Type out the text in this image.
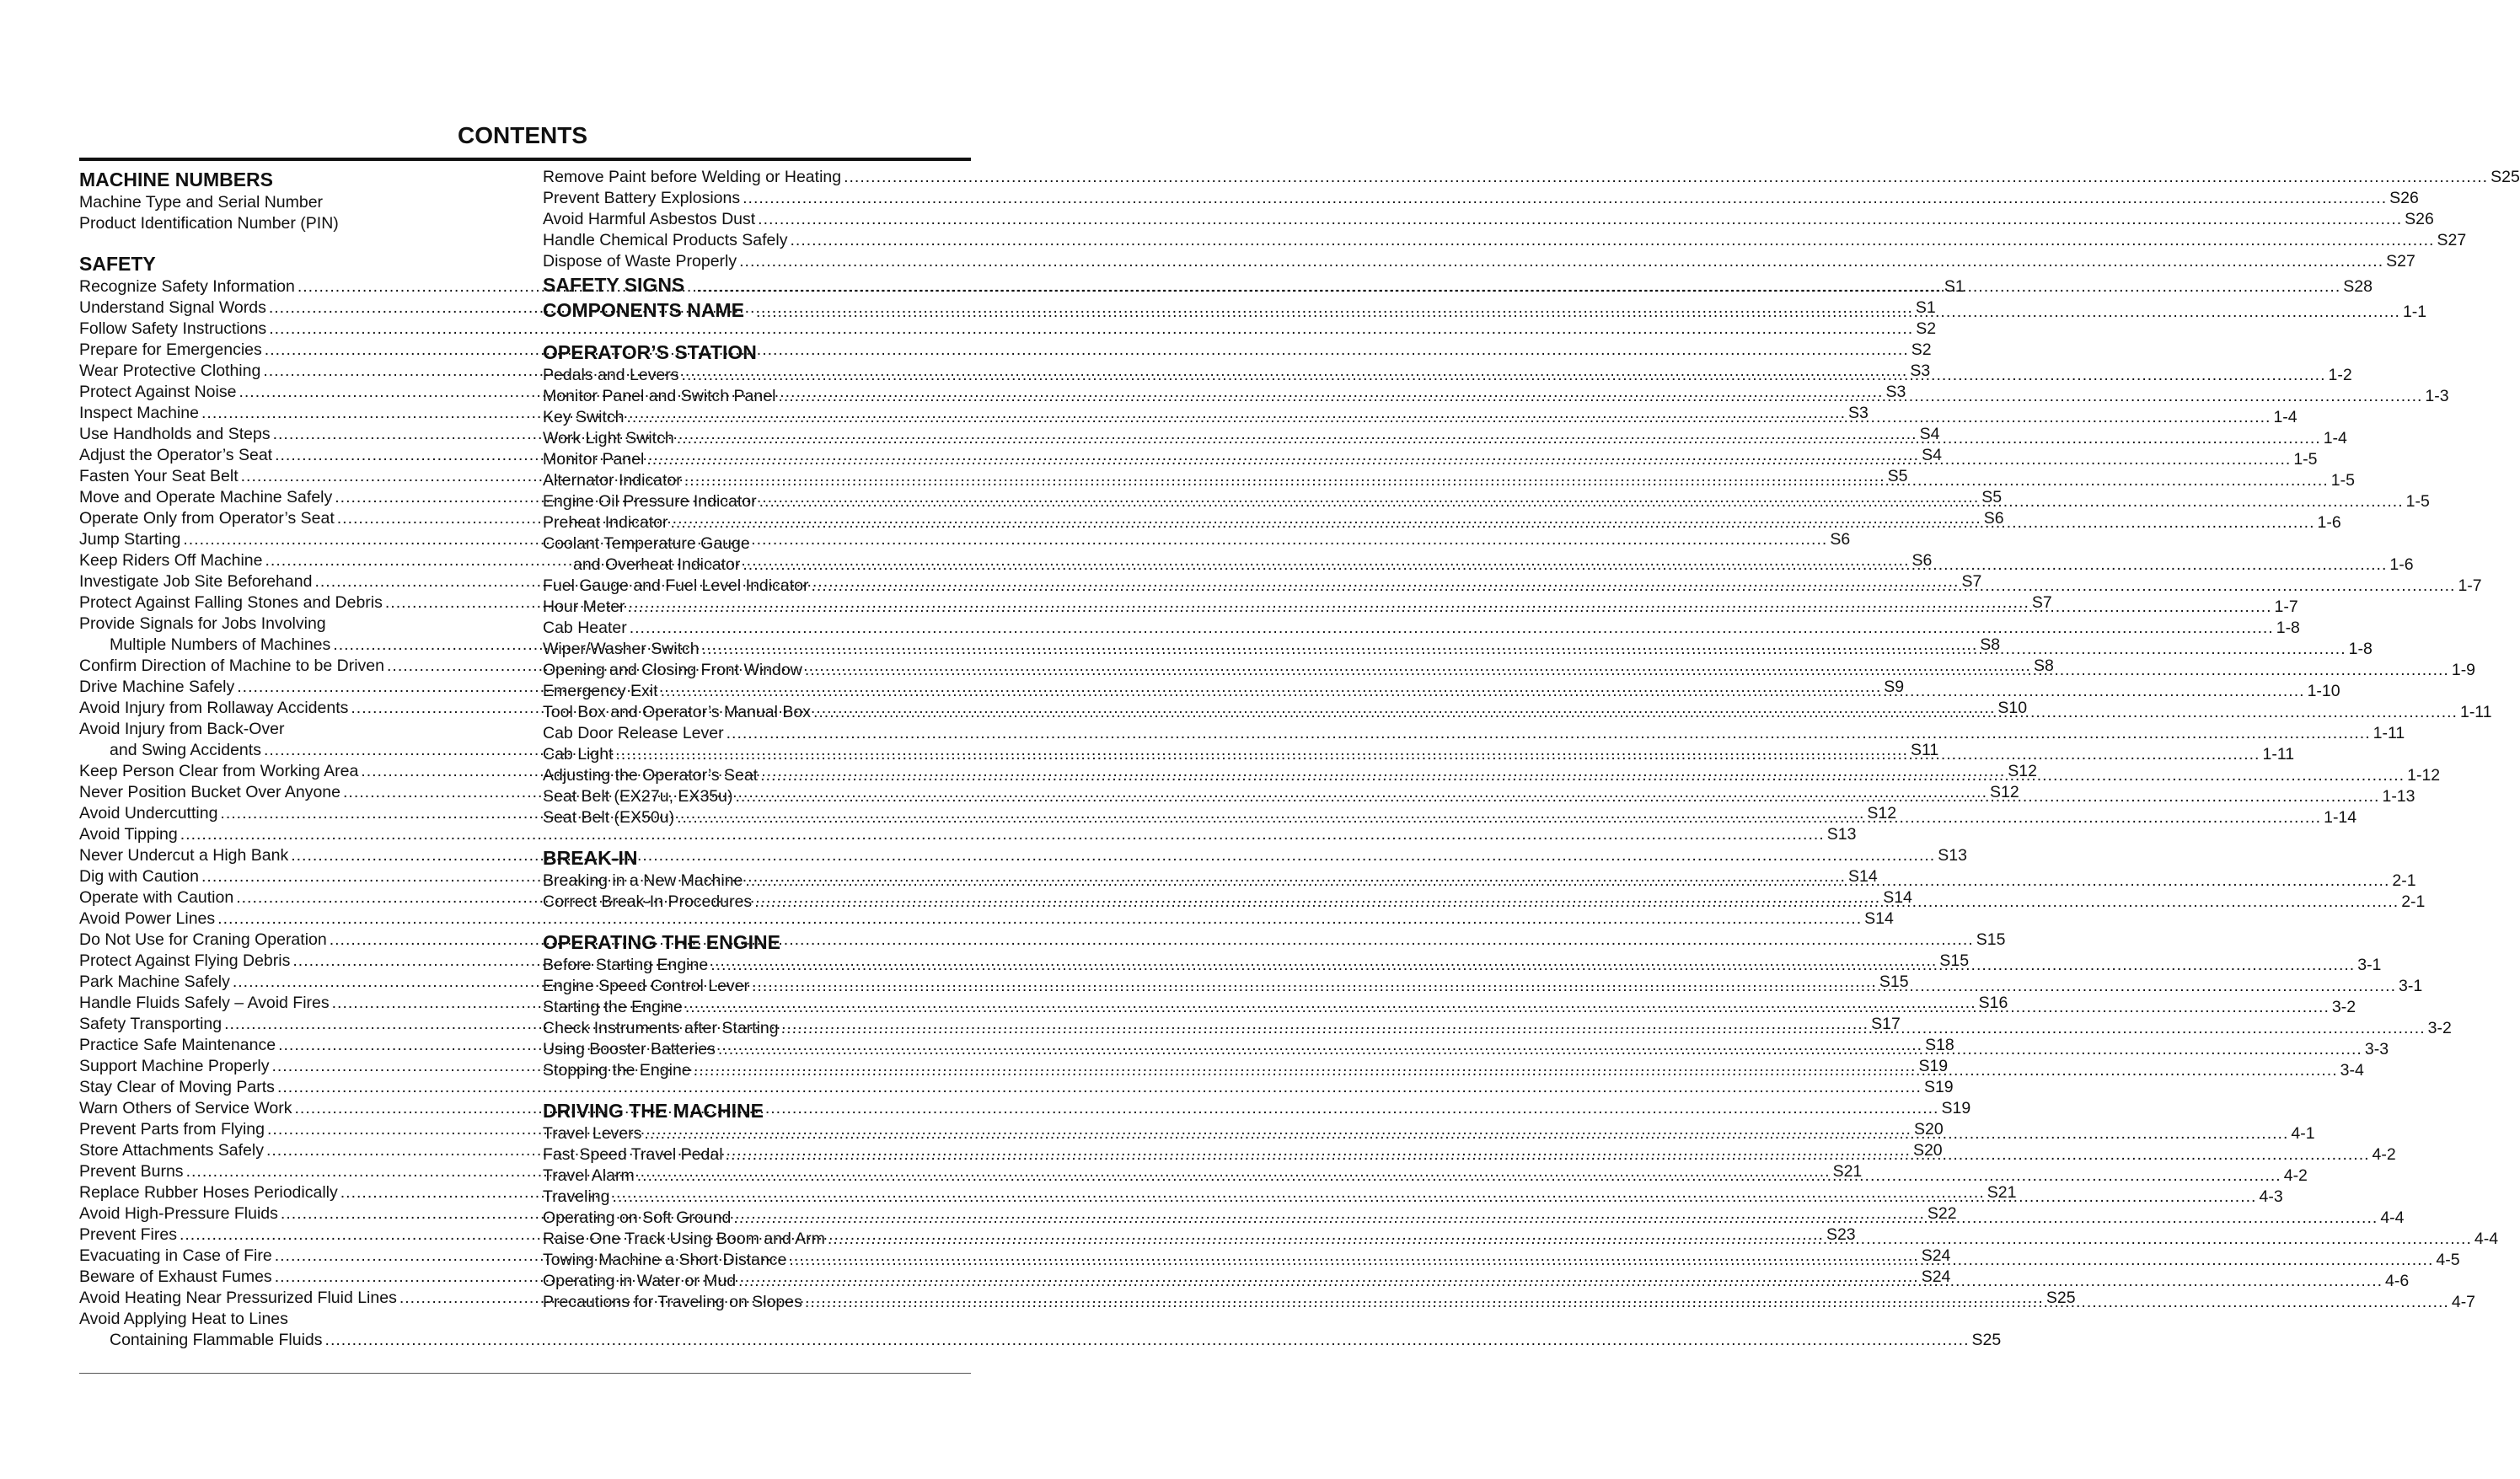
CONTENTS
MACHINE NUMBERS
Machine Type and Serial Number
Product Identification Number (PIN)
SAFETY
Recognize Safety Information .....	S1
Understand Signal Words .....	S1
Follow Safety Instructions .....	S2
Prepare for Emergencies .....	S2
Wear Protective Clothing .....	S3
Protect Against Noise .....	S3
Inspect Machine .....	S3
Use Handholds and Steps .....	S4
Adjust the Operator’s Seat .....	S4
Fasten Your Seat Belt .....	S5
Move and Operate Machine Safely .....	S5
Operate Only from Operator’s Seat .....	S6
Jump Starting .....	S6
Keep Riders Off Machine .....	S6
Investigate Job Site Beforehand .....	S7
Protect Against Falling Stones and Debris .....	S7
Provide Signals for Jobs Involving
Multiple Numbers of Machines .....	S8
Confirm Direction of Machine to be Driven .....	S8
Drive Machine Safely .....	S9
Avoid Injury from Rollaway Accidents .....	S10
Avoid Injury from Back-Over
and Swing Accidents .....	S11
Keep Person Clear from Working Area .....	S12
Never Position Bucket Over Anyone .....	S12
Avoid Undercutting .....	S12
Avoid Tipping .....	S13
Never Undercut a High Bank .....	S13
Dig with Caution .....	S14
Operate with Caution .....	S14
Avoid Power Lines .....	S14
Do Not Use for Craning Operation .....	S15
Protect Against Flying Debris .....	S15
Park Machine Safely .....	S15
Handle Fluids Safely – Avoid Fires .....	S16
Safety Transporting .....	S17
Practice Safe Maintenance .....	S18
Support Machine Properly .....	S19
Stay Clear of Moving Parts .....	S19
Warn Others of Service Work .....	S19
Prevent Parts from Flying .....	S20
Store Attachments Safely .....	S20
Prevent Burns .....	S21
Replace Rubber Hoses Periodically .....	S21
Avoid High-Pressure Fluids .....	S22
Prevent Fires .....	S23
Evacuating in Case of Fire .....	S24
Beware of Exhaust Fumes .....	S24
Avoid Heating Near Pressurized Fluid Lines .....	S25
Avoid Applying Heat to Lines
Containing Flammable Fluids .....	S25
Remove Paint before Welding or Heating .....	S25
Prevent Battery Explosions .....	S26
Avoid Harmful Asbestos Dust .....	S26
Handle Chemical Products Safely .....	S27
Dispose of Waste Properly .....	S27
SAFETY SIGNS .....	S28
COMPONENTS NAME .....	1-1
OPERATOR’S STATION
Pedals and Levers .....	1-2
Monitor Panel and Switch Panel .....	1-3
Key Switch .....	1-4
Work Light Switch .....	1-4
Monitor Panel .....	1-5
Alternator Indicator .....	1-5
Engine Oil Pressure Indicator .....	1-5
Preheat Indicator .....	1-6
Coolant Temperature Gauge
and Overheat Indicator .....	1-6
Fuel Gauge and Fuel Level Indicator .....	1-7
Hour Meter .....	1-7
Cab Heater .....	1-8
Wiper/Washer Switch .....	1-8
Opening and Closing Front Window .....	1-9
Emergency Exit .....	1-10
Tool Box and Operator’s Manual Box .....	1-11
Cab Door Release Lever .....	1-11
Cab Light .....	1-11
Adjusting the Operator’s Seat .....	1-12
Seat Belt (EX27u, EX35u) .....	1-13
Seat Belt (EX50u) .....	1-14
BREAK-IN
Breaking in a New Machine .....	2-1
Correct Break-In Procedures .....	2-1
OPERATING THE ENGINE
Before Starting Engine .....	3-1
Engine Speed Control Lever .....	3-1
Starting the Engine .....	3-2
Check Instruments after Starting .....	3-2
Using Booster Batteries .....	3-3
Stopping the Engine .....	3-4
DRIVING THE MACHINE
Travel Levers .....	4-1
Fast Speed Travel Pedal .....	4-2
Travel Alarm .....	4-2
Traveling .....	4-3
Operating on Soft Ground .....	4-4
Raise One Track Using Boom and Arm .....	4-4
Towing Machine a Short Distance .....	4-5
Operating in Water or Mud .....	4-6
Precautions for Traveling on Slopes .....	4-7
